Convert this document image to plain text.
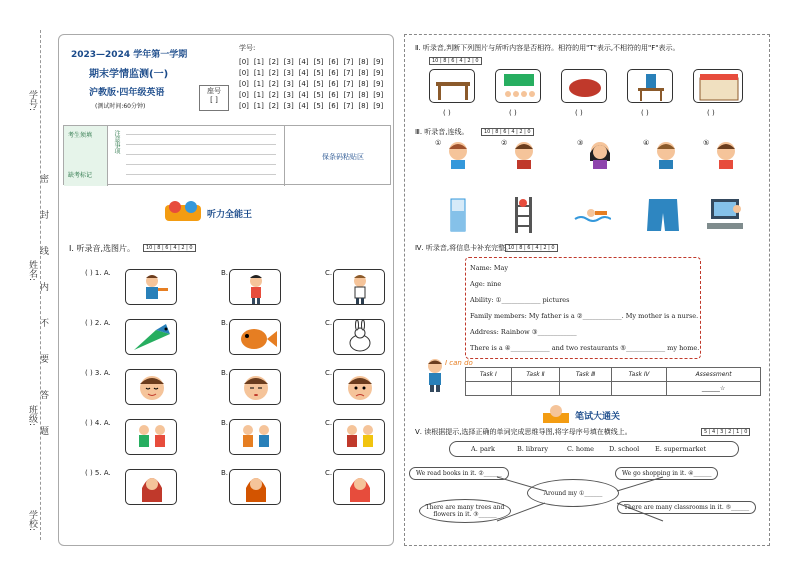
学号:
姓名:
班级:
学校:
密
封
线
内
不
要
答
题
2023—2024 学年第一学期
期末学情监测(一)
沪教版·四年级英语
(测试时间:60分钟)
座号
[ ]
学号:
[0] [1] [2] [3] [4] [5] [6] [7] [8] [9]
[0] [1] [2] [3] [4] [5] [6] [7] [8] [9]
[0] [1] [2] [3] [4] [5] [6] [7] [8] [9]
[0] [1] [2] [3] [4] [5] [6] [7] [8] [9]
[0] [1] [2] [3] [4] [5] [6] [7] [8] [9]
考生须填	注意事项
缺考标记
保条码粘贴区
听力全能王
Ⅰ. 听录音,选图片。	10 | 8 | 6 | 4 | 2 | 0
( ) 1. A.	B.	C.
( ) 2. A.	B.	C.
( ) 3. A.	B.	C.
( ) 4. A.	B.	C.
( ) 5. A.	B.	C.
Ⅱ. 听录音,判断下列图片与所听内容是否相符。相符的用"T"表示,不相符的用"F"表示。
10 | 8 | 6 | 4 | 2 | 0
( )	( )	( )	( )	( )
Ⅲ. 听录音,连线。	10 | 8 | 6 | 4 | 2 | 0
①	②	③	④	⑤
Ⅳ. 听录音,将信息卡补充完整。
10 | 8 | 6 | 4 | 2 | 0
Name: May
Age: nine
Ability: ①____________ pictures
Family members: My father is a ②____________. My mother is a nurse.
Address: Rainbow ③____________
There is a ④____________ and two restaurants ⑤____________ my home.
I can do
Task Ⅰ	Task Ⅱ	Task Ⅲ	Task Ⅳ	Assessment
				______☆
笔试大通关
Ⅴ. 读根据提示,选择正确的单词完成思维导图,将字母序号填在横线上。	5 | 4 | 3 | 2 | 1 | 0
A. park	B. library	C. home D. school E. supermarket
We read books in it. ②______
Around my ①______
We go shopping in it. ④______
There are many trees and flowers in it. ③______
There are many classrooms in it. ⑤______
